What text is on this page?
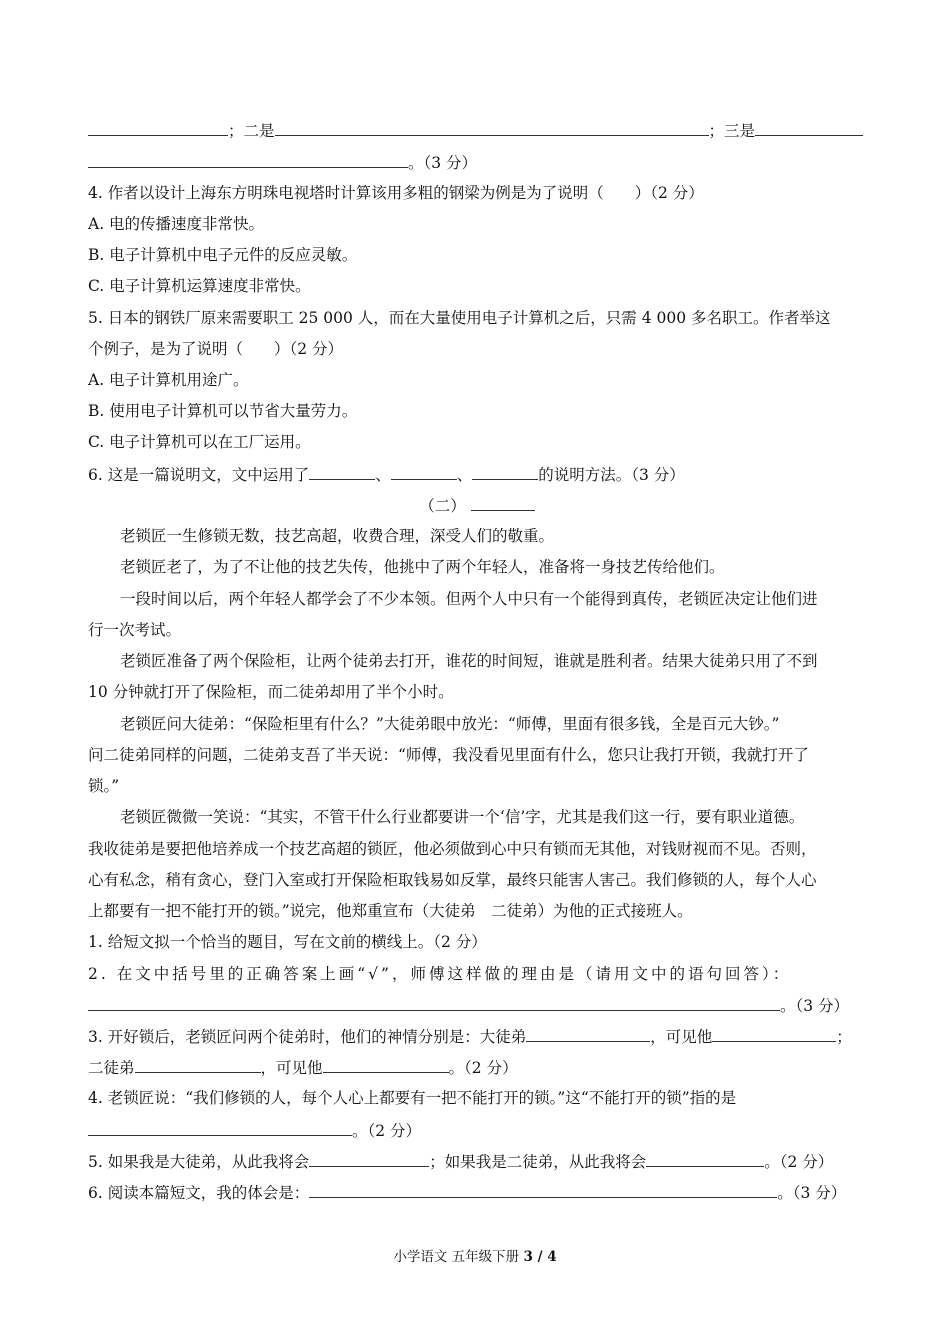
；二是	；三是
。（3 分）
4. 作者以设计上海东方明珠电视塔时计算该用多粗的钢梁为例是为了说明（　　）（2 分）
A. 电的传播速度非常快。
B. 电子计算机中电子元件的反应灵敏。
C. 电子计算机运算速度非常快。
5. 日本的钢铁厂原来需要职工 25 000 人，而在大量使用电子计算机之后，只需 4 000 多名职工。作者举这
个例子，是为了说明（　　）（2 分）
A. 电子计算机用途广。
B. 使用电子计算机可以节省大量劳力。
C. 电子计算机可以在工厂运用。
6. 这是一篇说明文，文中运用了	、	、	的说明方法。（3 分）
（二）
老锁匠一生修锁无数，技艺高超，收费合理，深受人们的敬重。
老锁匠老了，为了不让他的技艺失传，他挑中了两个年轻人，准备将一身技艺传给他们。
一段时间以后，两个年轻人都学会了不少本领。但两个人中只有一个能得到真传，老锁匠决定让他们进
行一次考试。
老锁匠准备了两个保险柜，让两个徒弟去打开，谁花的时间短，谁就是胜利者。结果大徒弟只用了不到
10 分钟就打开了保险柜，而二徒弟却用了半个小时。
老锁匠问大徒弟：“保险柜里有什么？”大徒弟眼中放光：“师傅，里面有很多钱，全是百元大钞。”
问二徒弟同样的问题，二徒弟支吾了半天说：“师傅，我没看见里面有什么，您只让我打开锁，我就打开了
锁。”
老锁匠微微一笑说：“其实，不管干什么行业都要讲一个‘信’字，尤其是我们这一行，要有职业道德。
我收徒弟是要把他培养成一个技艺高超的锁匠，他必须做到心中只有锁而无其他，对钱财视而不见。否则，
心有私念，稍有贪心，登门入室或打开保险柜取钱易如反掌，最终只能害人害己。我们修锁的人，每个人心
上都要有一把不能打开的锁。”说完，他郑重宣布（大徒弟　二徒弟）为他的正式接班人。
1. 给短文拟一个恰当的题目，写在文前的横线上。（2 分）
2. 在文中括号里的正确答案上画“√”，师傅这样做的理由是（请用文中的语句回答）：
。（3 分）
3. 开好锁后，老锁匠问两个徒弟时，他们的神情分别是：大徒弟	，可见他	；
二徒弟	，可见他	。（2 分）
4. 老锁匠说：“我们修锁的人，每个人心上都要有一把不能打开的锁。”这“不能打开的锁”指的是
。（2 分）
5. 如果我是大徒弟，从此我将会	；如果我是二徒弟，从此我将会	。（2 分）
6. 阅读本篇短文，我的体会是：	。（3 分）
小学语文 五年级下册 3 / 4
